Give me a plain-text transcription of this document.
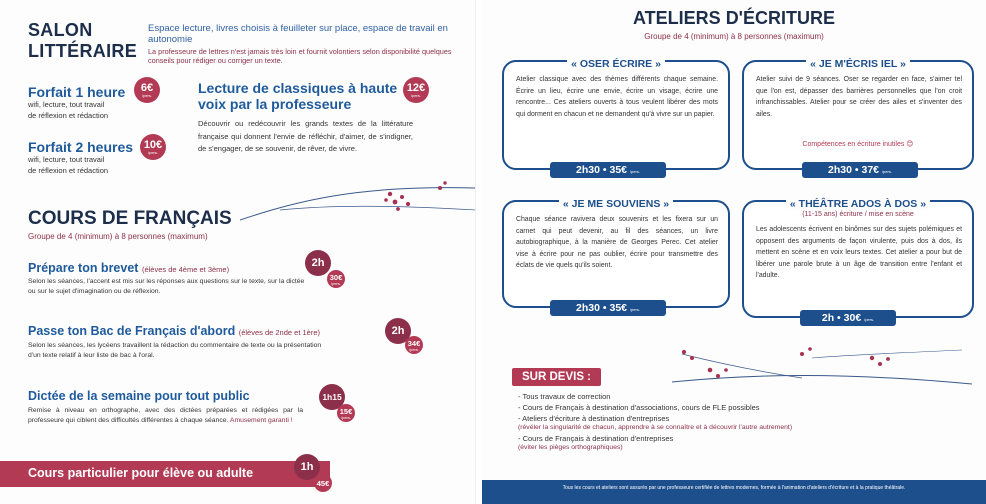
SALON
LITTÉRAIRE
Espace lecture, livres choisis à feuilleter sur place, espace de travail en autonomie
La professeure de lettres n'est jamais très loin et fournit volontiers selon disponibilité quelques conseils pour rédiger ou corriger un texte.
Forfait 1 heure 6€
/pers.
wifi, lecture, tout travail
de réflexion et rédaction
Forfait 2 heures 10€
/pers.
wifi, lecture, tout travail
de réflexion et rédaction
Lecture de classiques à haute
voix par la professeure
12€
/pers.
Découvrir ou redécouvrir les grands textes de la littérature française qui donnent l'envie de réfléchir, d'aimer, de s'indigner, de s'engager, de se souvenir, de rêver, de vivre.
COURS DE FRANÇAIS
Groupe de 4 (minimum) à 8 personnes (maximum)
Prépare ton brevet (élèves de 4ème et 3ème)
Selon les séances, l'accent est mis sur les réponses aux questions sur le texte, sur la dictée ou sur le sujet d'imagination ou de réflexion.
2h
30€
/pers.
Passe ton Bac de Français d'abord (élèves de 2nde et 1ère)
Selon les séances, les lycéens travaillent la rédaction du commentaire de texte ou la présentation d'un texte relatif à leur liste de bac à l'oral.
2h
34€
/pers.
Dictée de la semaine pour tout public
Remise à niveau en orthographe, avec des dictées préparées et rédigées par la professeure qui ciblent des difficultés différentes à chaque séance. Amusement garanti !
1h15
15€
/pers.
Cours particulier pour élève ou adulte	1h
45€
ATELIERS D'ÉCRITURE
Groupe de 4 (minimum) à 8 personnes (maximum)
« OSER ÉCRIRE »
Atelier classique avec des thèmes différents chaque semaine. Écrire un lieu, écrire une envie, écrire un visage, écrire une rencontre... Ces ateliers ouverts à tous veulent libérer des mots qui dorment en chacun et ne demandent qu'à vivre sur un papier.
2h30 • 35€ /pers.
« JE M'ÉCRIS IEL »
Atelier suivi de 9 séances. Oser se regarder en face, s'aimer tel que l'on est, dépasser des barrières personnelles que l'on croit infranchissables. Atelier pour se créer des ailes et s'inventer des ailes.
Compétences en écriture inutiles 😊
2h30 • 37€ /pers.
« JE ME SOUVIENS »
Chaque séance raviverа deux souvenirs et les fixera sur un carnet qui peut devenir, au fil des séances, un livre autobiographique, à la manière de Georges Perec. Cet atelier vise à écrire pour ne pas oublier, écrire pour transmettre des éclats de vie quels qu'ils soient.
2h30 • 35€ /pers.
« THÉÂTRE ADOS À DOS »
(11-15 ans) écriture / mise en scène
Les adolescents écrivent en binômes sur des sujets polémiques et opposent des arguments de façon virulente, puis dos à dos, ils mettent en scène et en voix leurs textes. Cet atelier a pour but de libérer une parole brute à un âge de transition entre l'enfant et l'adulte.
2h • 30€ /pers.
SUR DEVIS :
- Tous travaux de correction
- Cours de Français à destination d'associations, cours de FLE possibles
- Ateliers d'écriture à destination d'entreprises
(révéler la singularité de chacun, apprendre à se connaître et à découvrir l'autre autrement)
- Cours de Français à destination d'entreprises
(éviter les pièges orthographiques)
Tous les cours et ateliers sont assurés par une professeure certifiée de lettres modernes, formée à l'animation d'ateliers d'écriture et à la pratique théâtrale.
